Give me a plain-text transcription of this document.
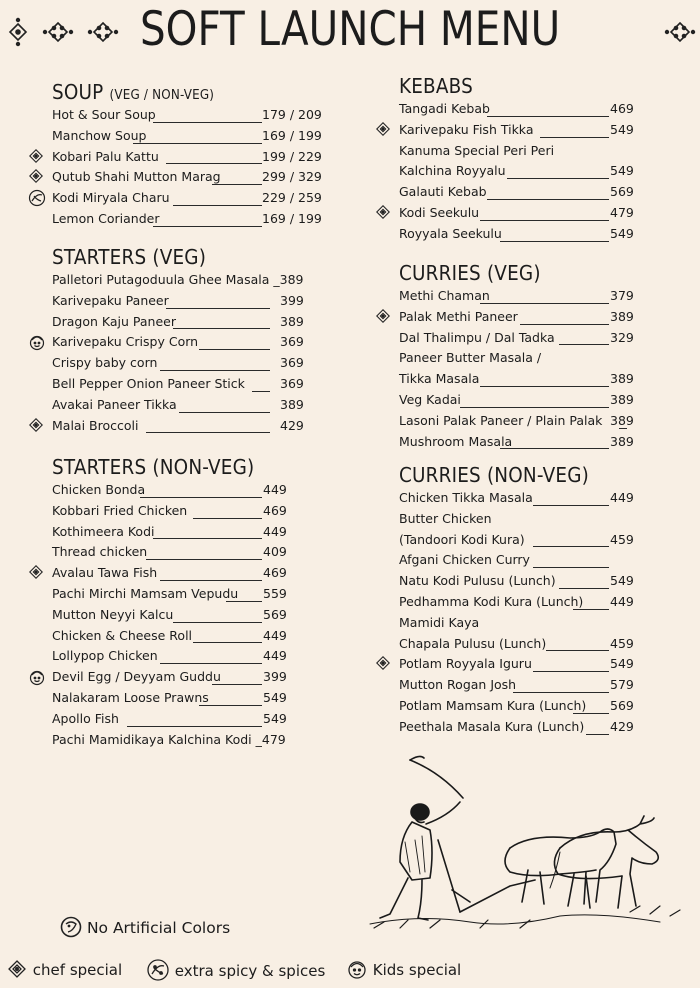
SOFT LAUNCH MENU
SOUP (VEG / NON-VEG)
Hot & Sour Soup	179 / 209
Manchow Soup	169 / 199
Kobari Palu Kattu	199 / 229
Qutub Shahi Mutton Marag	299 / 329
Kodi Miryala Charu	229 / 259
Lemon Coriander	169 / 199
STARTERS (VEG)
Palletori Putagoduula Ghee Masala _389
Karivepaku Paneer	399
Dragon Kaju Paneer	389
Karivepaku Crispy Corn	369
Crispy baby corn	369
Bell Pepper Onion Paneer Stick	369
Avakai Paneer Tikka	389
Malai Broccoli	429
STARTERS (NON-VEG)
Chicken Bonda	449
Kobbari Fried Chicken	469
Kothimeera Kodi	449
Thread chicken	409
Avalau Tawa Fish	469
Pachi Mirchi Mamsam Vepudu 559
Mutton Neyyi Kalcu	569
Chicken & Cheese Roll	449
Lollypop Chicken	449
Devil Egg / Deyyam Guddu	399
Nalakaram Loose Prawns	549
Apollo Fish	549
Pachi Mamidikaya Kalchina Kodi _479
KEBABS
Tangadi Kebab	469
Karivepaku Fish Tikka	549
Kanuma Special Peri Peri
Kalchina Royyalu	549
Galauti Kebab	569
Kodi Seekulu	479
Royyala Seekulu	549
CURRIES (VEG)
Methi Chaman	379
Palak Methi Paneer	389
Dal Thalimpu / Dal Tadka	329
Paneer Butter Masala /
Tikka Masala	389
Veg Kadai	389
Lasoni Palak Paneer / Plain Palak 389
Mushroom Masala	389
CURRIES (NON-VEG)
Chicken Tikka Masala	449
Butter Chicken
(Tandoori Kodi Kura)	459
Afgani Chicken Curry
Natu Kodi Pulusu (Lunch)	549
Pedhamma Kodi Kura (Lunch) 449
Mamidi Kaya
Chapala Pulusu (Lunch)	459
Potlam Royyala Iguru	549
Mutton Rogan Josh	579
Potlam Mamsam Kura (Lunch) 569
Peethala Masala Kura (Lunch) 429
No Artificial Colors
chef special	extra spicy & spices	Kids special
